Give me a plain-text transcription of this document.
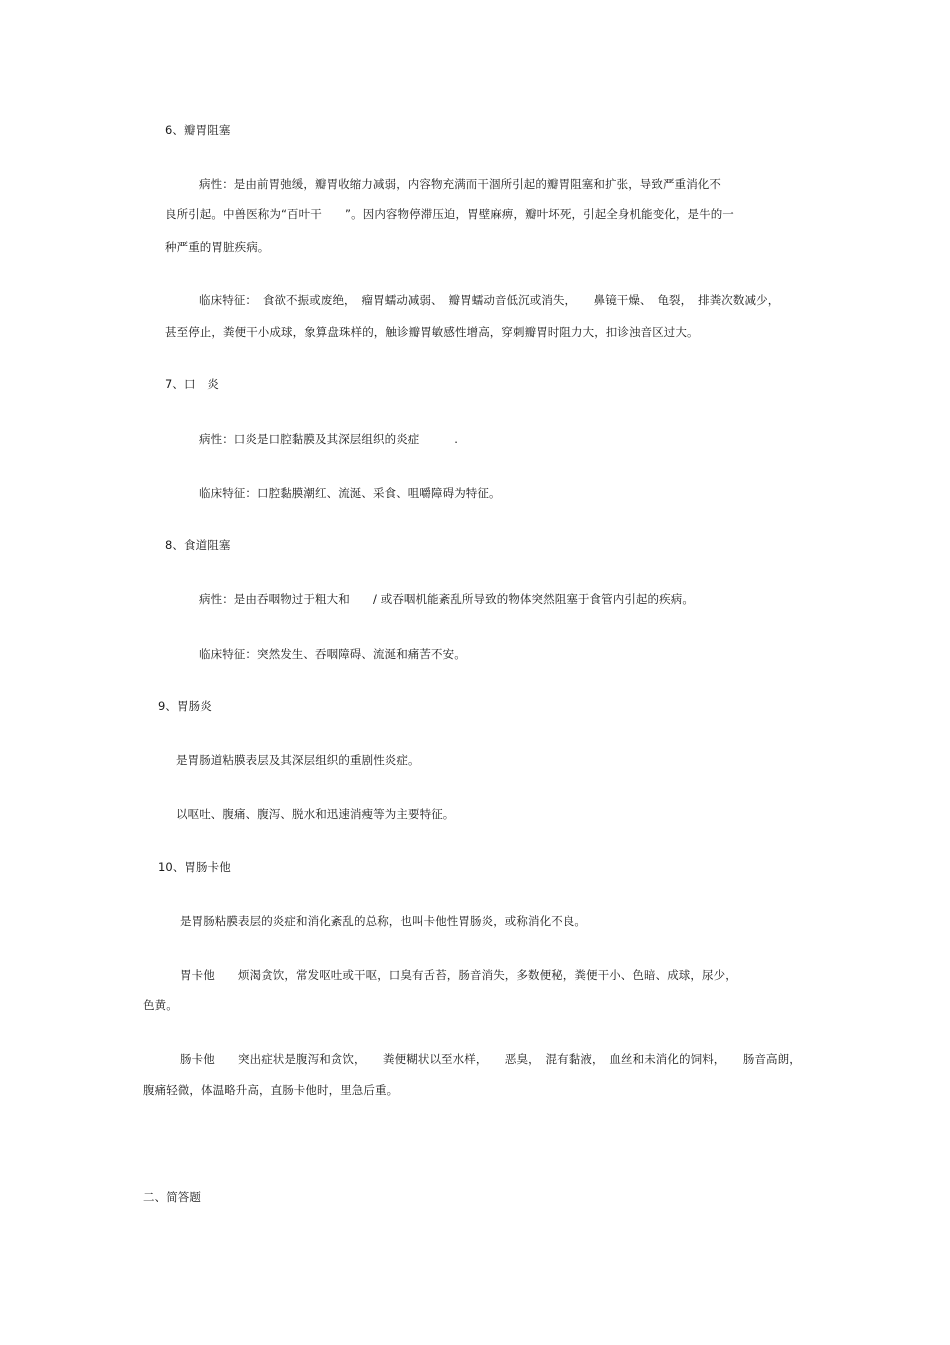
6、瓣胃阻塞
病性：是由前胃弛缓，瓣胃收缩力减弱，内容物充满而干涸所引起的瓣胃阻塞和扩张，导致严重消化不
良所引起。中兽医称为“百叶干　　”。因内容物停滞压迫，胃壁麻痹，瓣叶坏死，引起全身机能变化，是牛的一
种严重的胃脏疾病。
临床特征：　食欲不振或废绝，　瘤胃蠕动减弱、　瓣胃蠕动音低沉或消失，　　鼻镜干燥、　龟裂，　排粪次数减少，
甚至停止，粪便干小成球，象算盘珠样的，触诊瓣胃敏感性增高，穿刺瓣胃时阻力大，扣诊浊音区过大。
7、口　炎
病性：口炎是口腔黏膜及其深层组织的炎症　　　.
临床特征：口腔黏膜潮红、流涎、采食、咀嚼障碍为特征。
8、食道阻塞
病性：是由吞咽物过于粗大和　　/ 或吞咽机能紊乱所导致的物体突然阻塞于食管内引起的疾病。
临床特征：突然发生、吞咽障碍、流涎和痛苦不安。
9、胃肠炎
是胃肠道粘膜表层及其深层组织的重剧性炎症。
以呕吐、腹痛、腹泻、脱水和迅速消瘦等为主要特征。
10、胃肠卡他
是胃肠粘膜表层的炎症和消化紊乱的总称，也叫卡他性胃肠炎，或称消化不良。
胃卡他　　烦渴贪饮，常发呕吐或干呕，口臭有舌苔，肠音消失，多数便秘，粪便干小、色暗、成球，尿少，
色黄。
肠卡他　　突出症状是腹泻和贪饮，　　粪便糊状以至水样，　　恶臭，　混有黏液，　血丝和未消化的饲料，　　肠音高朗，
腹痛轻微，体温略升高，直肠卡他时，里急后重。
二、简答题
